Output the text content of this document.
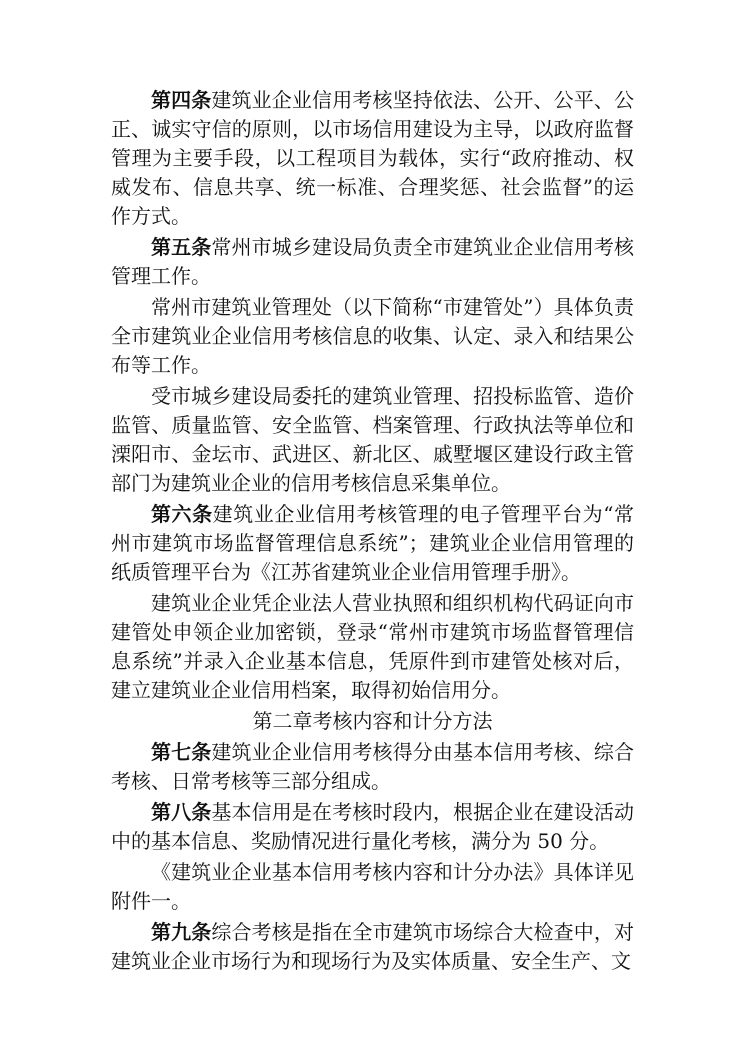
第四条建筑业企业信用考核坚持依法、公开、公平、公正、诚实守信的原则，以市场信用建设为主导，以政府监督管理为主要手段，以工程项目为载体，实行“政府推动、权威发布、信息共享、统一标准、合理奖惩、社会监督”的运作方式。

第五条常州市城乡建设局负责全市建筑业企业信用考核管理工作。

常州市建筑业管理处（以下简称“市建管处”）具体负责全市建筑业企业信用考核信息的收集、认定、录入和结果公布等工作。

受市城乡建设局委托的建筑业管理、招投标监管、造价监管、质量监管、安全监管、档案管理、行政执法等单位和溧阳市、金坛市、武进区、新北区、戚墅堰区建设行政主管部门为建筑业企业的信用考核信息采集单位。

第六条建筑业企业信用考核管理的电子管理平台为“常州市建筑市场监督管理信息系统”；建筑业企业信用管理的纸质管理平台为《江苏省建筑业企业信用管理手册》。

建筑业企业凭企业法人营业执照和组织机构代码证向市建管处申领企业加密锁，登录“常州市建筑市场监督管理信息系统”并录入企业基本信息，凭原件到市建管处核对后，建立建筑业企业信用档案，取得初始信用分。

第二章考核内容和计分方法

第七条建筑业企业信用考核得分由基本信用考核、综合考核、日常考核等三部分组成。

第八条基本信用是在考核时段内，根据企业在建设活动中的基本信息、奖励情况进行量化考核，满分为 50 分。

《建筑业企业基本信用考核内容和计分办法》具体详见附件一。

第九条综合考核是指在全市建筑市场综合大检查中，对建筑业企业市场行为和现场行为及实体质量、安全生产、文
